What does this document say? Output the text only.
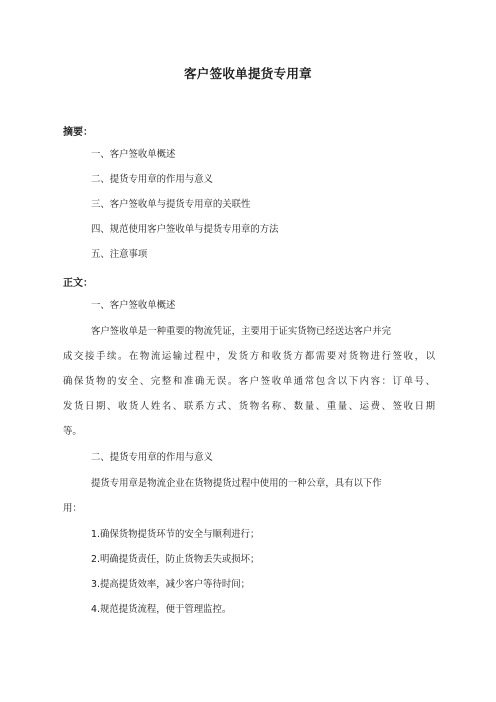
客户签收单提货专用章
摘要：
一、客户签收单概述
二、提货专用章的作用与意义
三、客户签收单与提货专用章的关联性
四、规范使用客户签收单与提货专用章的方法
五、注意事项
正文：
一、客户签收单概述
客户签收单是一种重要的物流凭证，主要用于证实货物已经送达客户并完
成交接手续。在物流运输过程中，发货方和收货方都需要对货物进行签收，以
确保货物的安全、完整和准确无误。客户签收单通常包含以下内容：订单号、
发货日期、收货人姓名、联系方式、货物名称、数量、重量、运费、签收日期
等。
二、提货专用章的作用与意义
提货专用章是物流企业在货物提货过程中使用的一种公章，具有以下作
用：
1.确保货物提货环节的安全与顺利进行；
2.明确提货责任，防止货物丢失或损坏；
3.提高提货效率，减少客户等待时间；
4.规范提货流程，便于管理监控。
